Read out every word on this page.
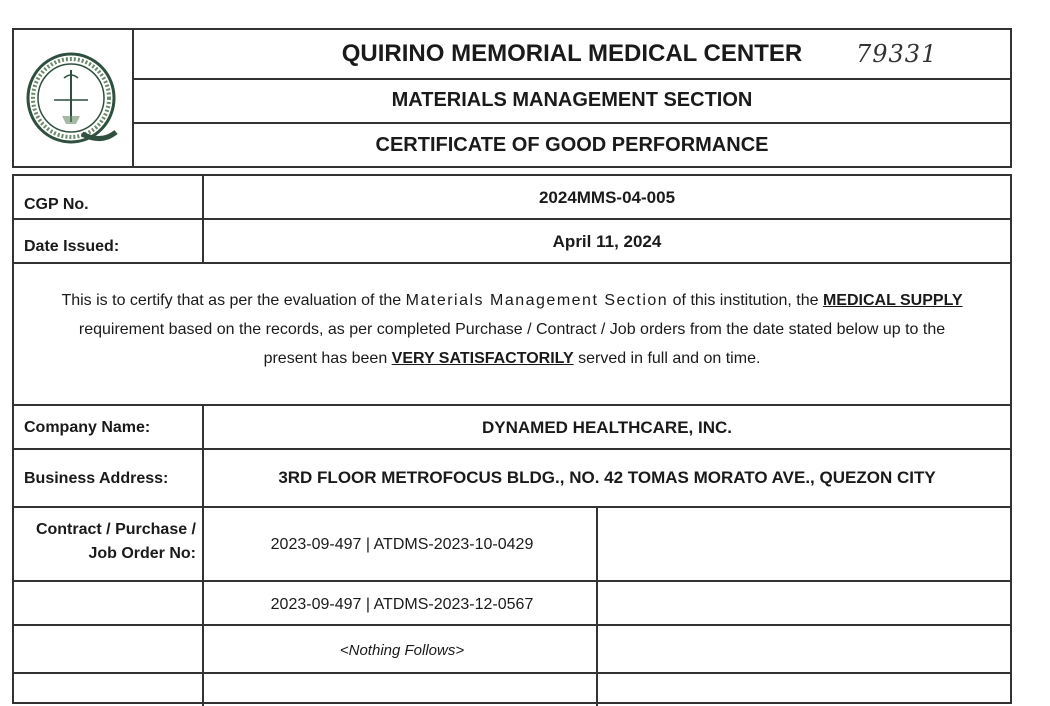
QUIRINO MEMORIAL MEDICAL CENTER	79331
MATERIALS MANAGEMENT SECTION
CERTIFICATE OF GOOD PERFORMANCE
CGP No.	2024MMS-04-005
Date Issued:	April 11, 2024
This is to certify that as per the evaluation of the Materials Management Section of this institution, the MEDICAL SUPPLY requirement based on the records, as per completed Purchase / Contract / Job orders from the date stated below up to the present has been VERY SATISFACTORILY served in full and on time.
Company Name:	DYNAMED HEALTHCARE, INC.
Business Address:	3RD FLOOR METROFOCUS BLDG., NO. 42 TOMAS MORATO AVE., QUEZON CITY
Contract / Purchase / Job Order No:
2023-09-497 | ATDMS-2023-10-0429
2023-09-497 | ATDMS-2023-12-0567
<Nothing Follows>
